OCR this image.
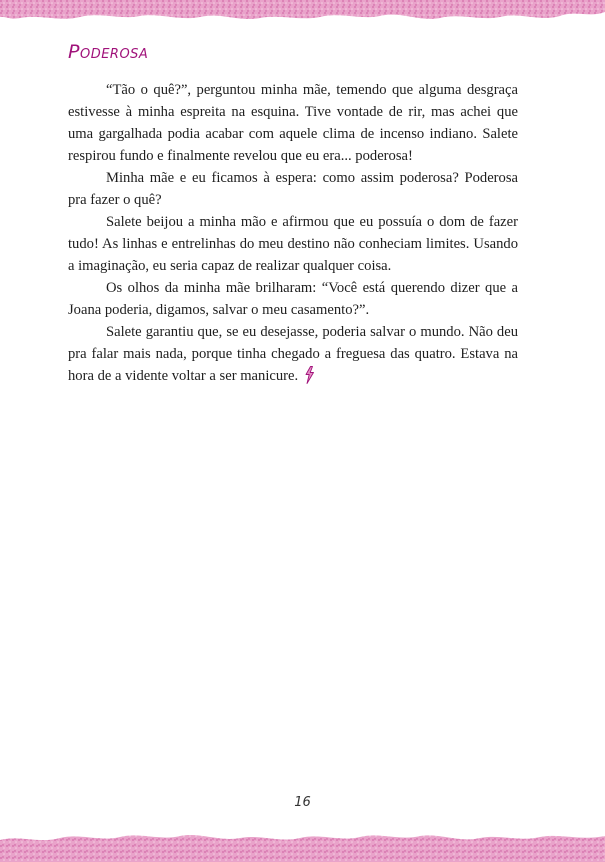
Poderosa

“Tão o quê?”, perguntou minha mãe, temendo que alguma desgraça estivesse à minha espreita na esquina. Tive vontade de rir, mas achei que uma gargalhada podia acabar com aquele clima de incenso indiano. Salete respirou fundo e finalmente revelou que eu era... poderosa!

Minha mãe e eu ficamos à espera: como assim poderosa? Poderosa pra fazer o quê?

Salete beijou a minha mão e afirmou que eu possuía o dom de fazer tudo! As linhas e entrelinhas do meu destino não conheciam limites. Usando a imaginação, eu seria capaz de realizar qualquer coisa.

Os olhos da minha mãe brilharam: “Você está querendo dizer que a Joana poderia, digamos, salvar o meu casamento?”.

Salete garantiu que, se eu desejasse, poderia salvar o mundo. Não deu pra falar mais nada, porque tinha chegado a freguesa das quatro. Estava na hora de a vidente voltar a ser manicure.

16
